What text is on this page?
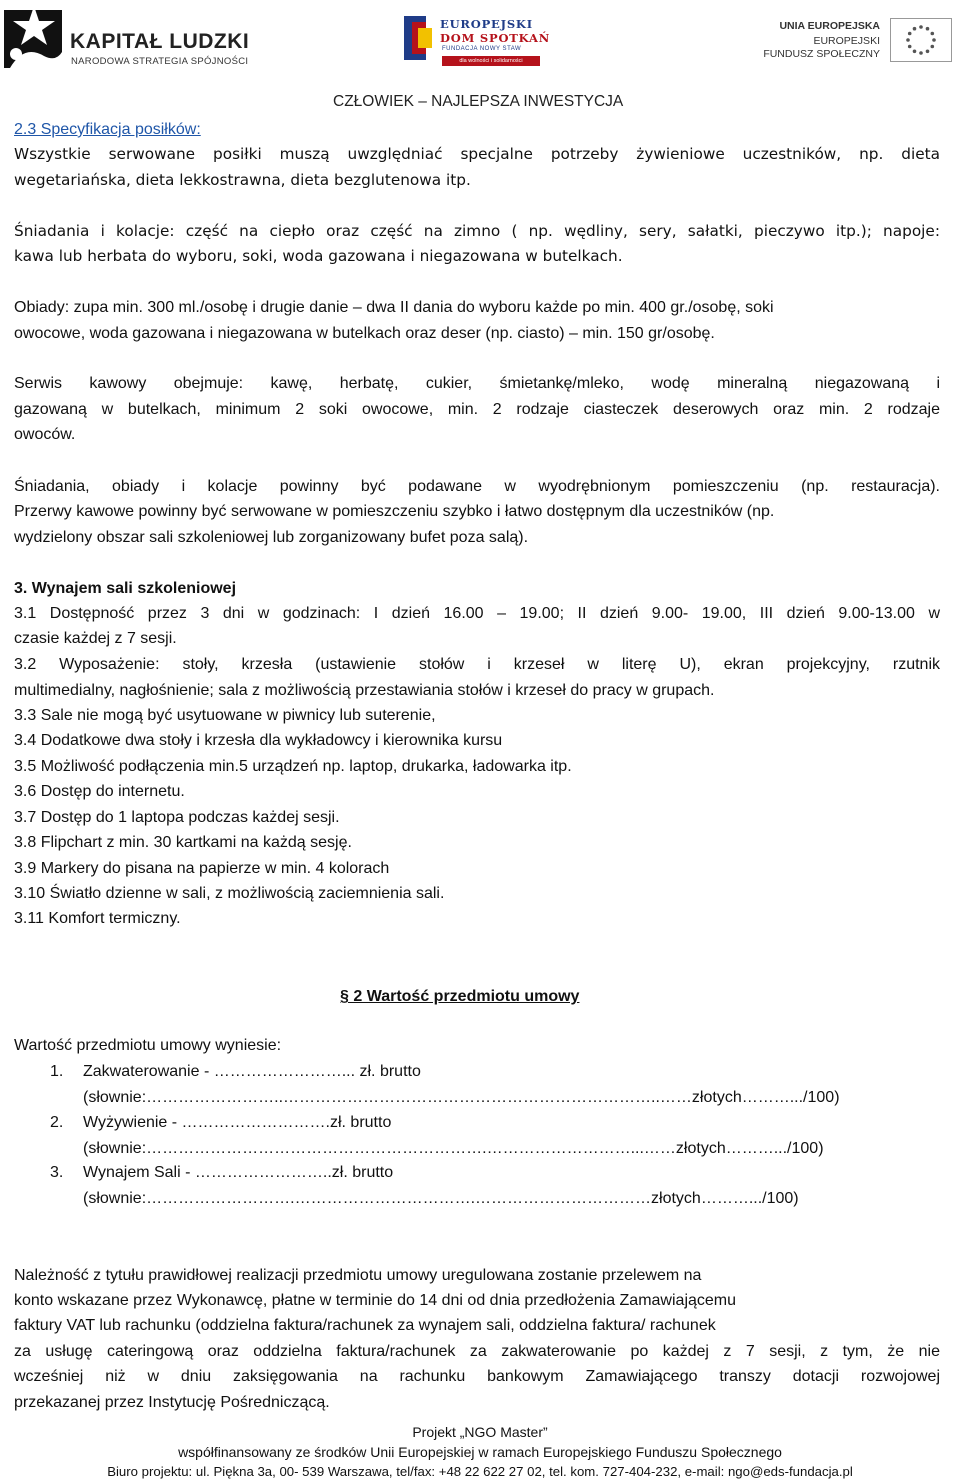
KAPITAŁ LUDZKI
NARODOWA STRATEGIA SPÓJNOŚCI
EUROPEJSKI
DOM SPOTKAŃ
FUNDACJA NOWY STAW
dla wolności i solidarności
UNIA EUROPEJSKA
EUROPEJSKI
FUNDUSZ SPOŁECZNY
CZŁOWIEK – NAJLEPSZA INWESTYCJA
2.3 Specyfikacja posiłków:
Wszystkie serwowane posiłki muszą uwzględniać specjalne potrzeby żywieniowe uczestników, np. dieta
wegetariańska, dieta lekkostrawna, dieta bezglutenowa itp.
Śniadania i kolacje: część na ciepło oraz część na zimno ( np. wędliny, sery, sałatki, pieczywo itp.); napoje:
kawa lub herbata do wyboru, soki, woda gazowana i niegazowana w butelkach.
Obiady: zupa min. 300 ml./osobę i drugie danie – dwa II dania do wyboru każde po min. 400 gr./osobę, soki
owocowe, woda gazowana i niegazowana w butelkach oraz deser (np. ciasto) – min. 150 gr/osobę.
Serwis kawowy obejmuje: kawę, herbatę, cukier, śmietankę/mleko, wodę mineralną niegazowaną i
gazowaną w butelkach, minimum 2 soki owocowe, min. 2 rodzaje ciasteczek deserowych oraz min. 2 rodzaje
owoców.
Śniadania, obiady i kolacje powinny być podawane w wyodrębnionym pomieszczeniu (np. restauracja).
Przerwy kawowe powinny być serwowane w pomieszczeniu szybko i łatwo dostępnym dla uczestników (np.
wydzielony obszar sali szkoleniowej lub zorganizowany bufet poza salą).
3. Wynajem sali szkoleniowej
3.1 Dostępność przez 3 dni w godzinach: I dzień 16.00 – 19.00; II dzień 9.00- 19.00, III dzień 9.00-13.00 w
czasie każdej z 7 sesji.
3.2 Wyposażenie: stoły, krzesła (ustawienie stołów i krzeseł w literę U), ekran projekcyjny, rzutnik
multimedialny, nagłośnienie; sala z możliwością przestawiania stołów i krzeseł do pracy w grupach.
3.3 Sale nie mogą być usytuowane w piwnicy lub suterenie,
3.4 Dodatkowe dwa stoły i krzesła dla wykładowcy i kierownika kursu
3.5 Możliwość podłączenia min.5 urządzeń np. laptop, drukarka, ładowarka itp.
3.6 Dostęp do internetu.
3.7 Dostęp do 1 laptopa podczas każdej sesji.
3.8 Flipchart z min. 30 kartkami na każdą sesję.
3.9 Markery do pisana na papierze w min. 4 kolorach
3.10 Światło dzienne w sali, z możliwością zaciemnienia sali.
3.11 Komfort termiczny.
§ 2 Wartość przedmiotu umowy
Wartość przedmiotu umowy wyniesie:
1. Zakwaterowanie - ……………………... zł. brutto
(słownie:……………………..……………………………………………………………..……złotych……….../100)
2. Wyżywienie - ……………………….zł. brutto
(słownie:……………………………………………………….………………………...……złotych……….../100)
3. Wynajem Sali - ……………………..zł. brutto
(słownie:……………………….…………………………….……………………………złotych……….../100)
Należność z tytułu prawidłowej realizacji przedmiotu umowy uregulowana zostanie przelewem na
konto wskazane przez Wykonawcę, płatne w terminie do 14 dni od dnia przedłożenia Zamawiającemu
faktury VAT lub rachunku (oddzielna faktura/rachunek za wynajem sali, oddzielna faktura/ rachunek
za usługę cateringową oraz oddzielna faktura/rachunek za zakwaterowanie po każdej z 7 sesji, z tym, że nie
wcześniej niż w dniu zaksięgowania na rachunku bankowym Zamawiającego transzy dotacji rozwojowej
przekazanej przez Instytucję Pośredniczącą.
Projekt „NGO Master”
współfinansowany ze środków Unii Europejskiej w ramach Europejskiego Funduszu Społecznego
Biuro projektu: ul. Piękna 3a, 00- 539 Warszawa, tel/fax: +48 22 622 27 02, tel. kom. 727-404-232, e-mail: ngo@eds-fundacja.pl
